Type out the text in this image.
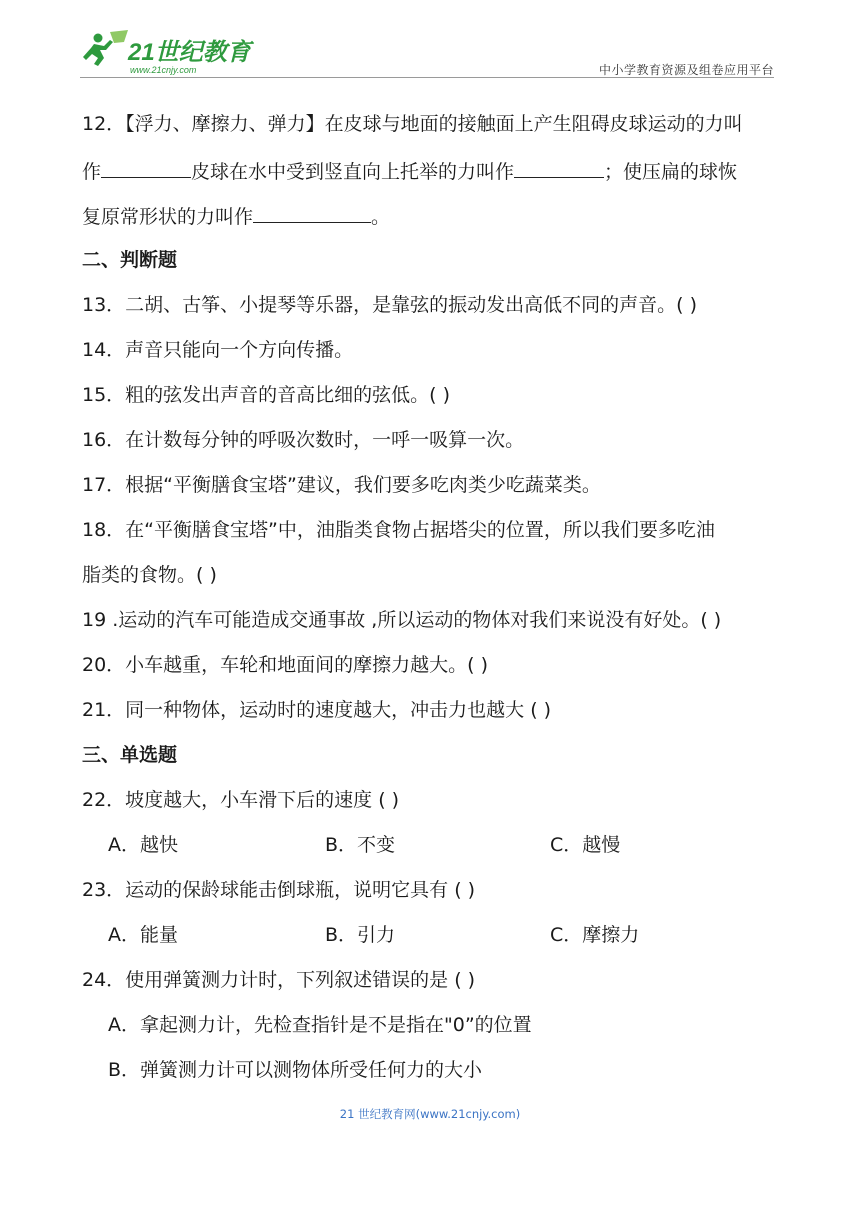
21世纪教育
www.21cnjy.com	中小学教育资源及组卷应用平台
12．【浮力、摩擦力、弹力】在皮球与地面的接触面上产生阻碍皮球运动的力叫
作	皮球在水中受到竖直向上托举的力叫作	；使压扁的球恢
复原常形状的力叫作	。
二、判断题
13．二胡、古筝、小提琴等乐器，是靠弦的振动发出高低不同的声音。( )
14．声音只能向一个方向传播。
15．粗的弦发出声音的音高比细的弦低。( )
16．在计数每分钟的呼吸次数时，一呼一吸算一次。
17．根据“平衡膳食宝塔”建议，我们要多吃肉类少吃蔬菜类。
18．在“平衡膳食宝塔”中，油脂类食物占据塔尖的位置，所以我们要多吃油
脂类的食物。( )
19 .运动的汽车可能造成交通事故 ,所以运动的物体对我们来说没有好处。( )
20．小车越重，车轮和地面间的摩擦力越大。( )
21．同一种物体，运动时的速度越大，冲击力也越大 ( )
三、单选题
22．坡度越大，小车滑下后的速度 ( )
A．越快	B．不变	C．越慢
23．运动的保龄球能击倒球瓶，说明它具有 ( )
A．能量	B．引力	C．摩擦力
24．使用弹簧测力计时，下列叙述错误的是 ( )
A．拿起测力计，先检查指针是不是指在"0”的位置
B．弹簧测力计可以测物体所受任何力的大小
21 世纪教育网(www.21cnjy.com)
